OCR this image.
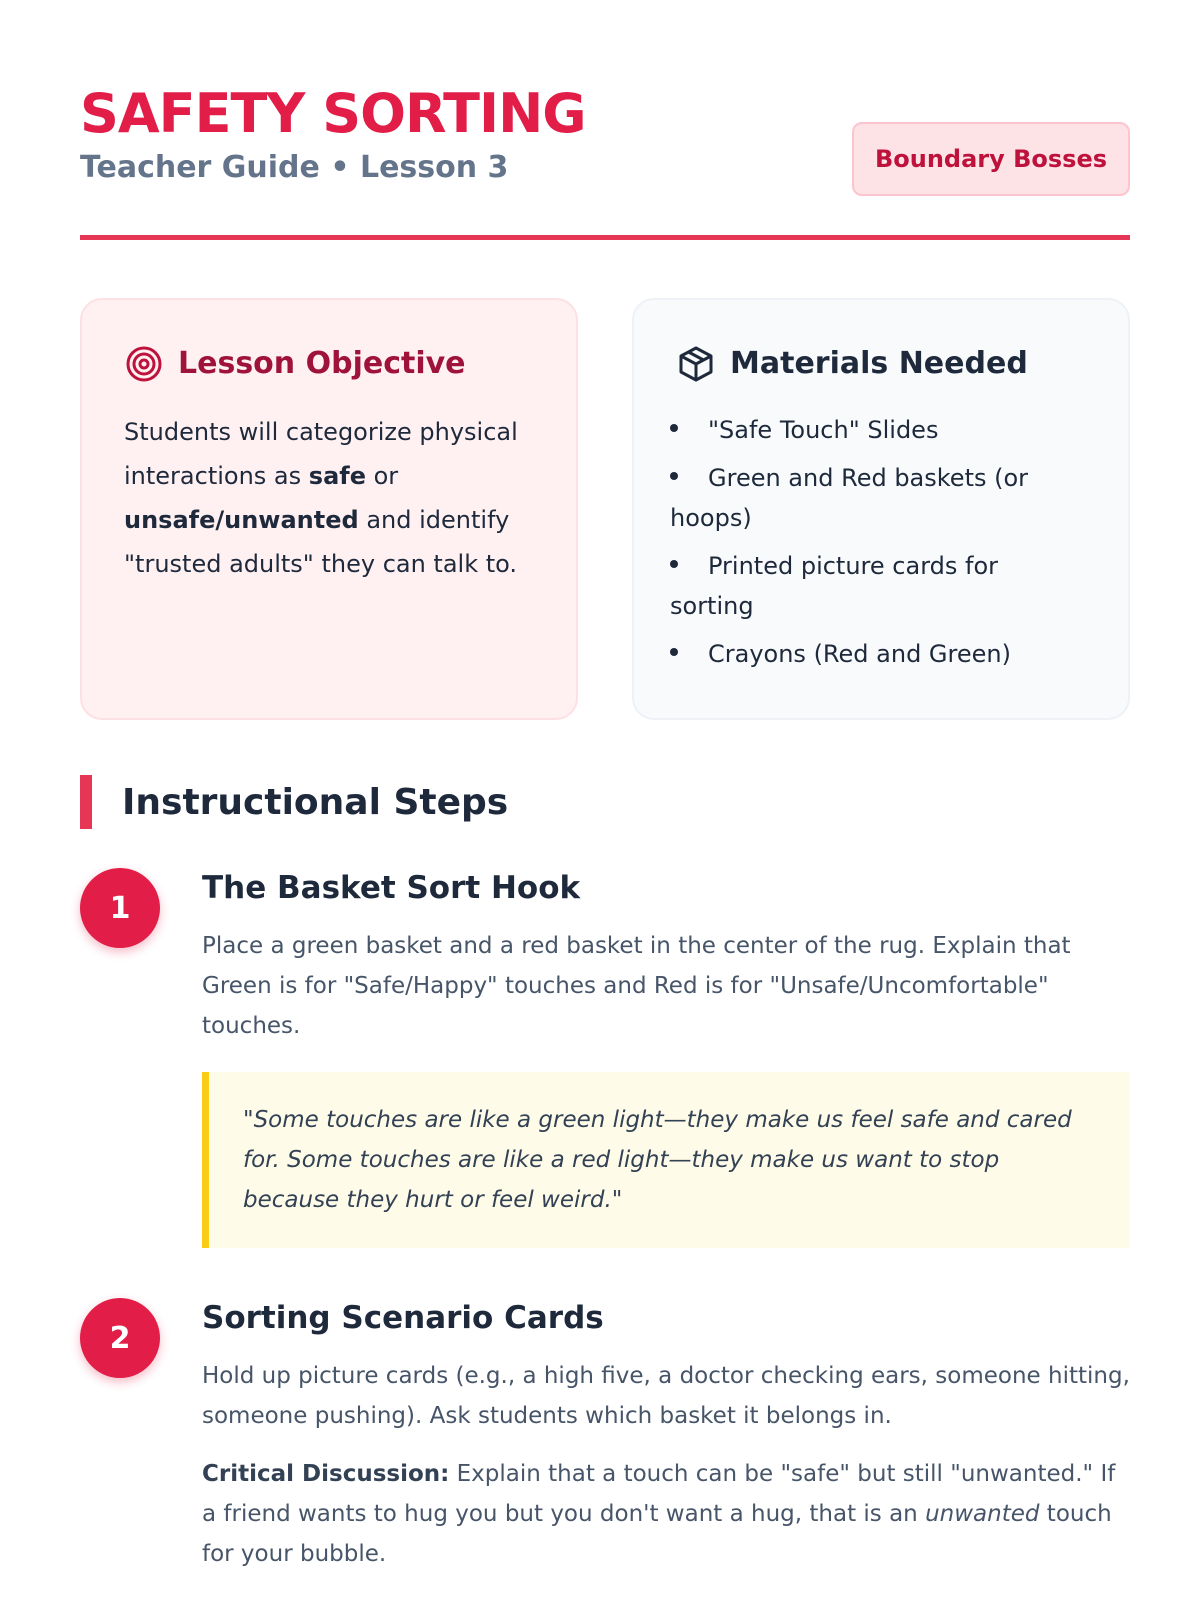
SAFETY SORTING
Teacher Guide • Lesson 3	Boundary Bosses
Lesson Objective

Students will categorize physical interactions as safe or unsafe/unwanted and identify "trusted adults" they can talk to.

Materials Needed
"Safe Touch" Slides
Green and Red baskets (or hoops)
Printed picture cards for sorting
Crayons (Red and Green)
Instructional Steps
1
The Basket Sort Hook

Place a green basket and a red basket in the center of the rug. Explain that Green is for "Safe/Happy" touches and Red is for "Unsafe/Uncomfortable" touches.

"Some touches are like a green light—they make us feel safe and cared for. Some touches are like a red light—they make us want to stop because they hurt or feel weird."

2
Sorting Scenario Cards

Hold up picture cards (e.g., a high five, a doctor checking ears, someone hitting, someone pushing). Ask students which basket it belongs in.

Critical Discussion: Explain that a touch can be "safe" but still "unwanted." If a friend wants to hug you but you don't want a hug, that is an unwanted touch for your bubble.
